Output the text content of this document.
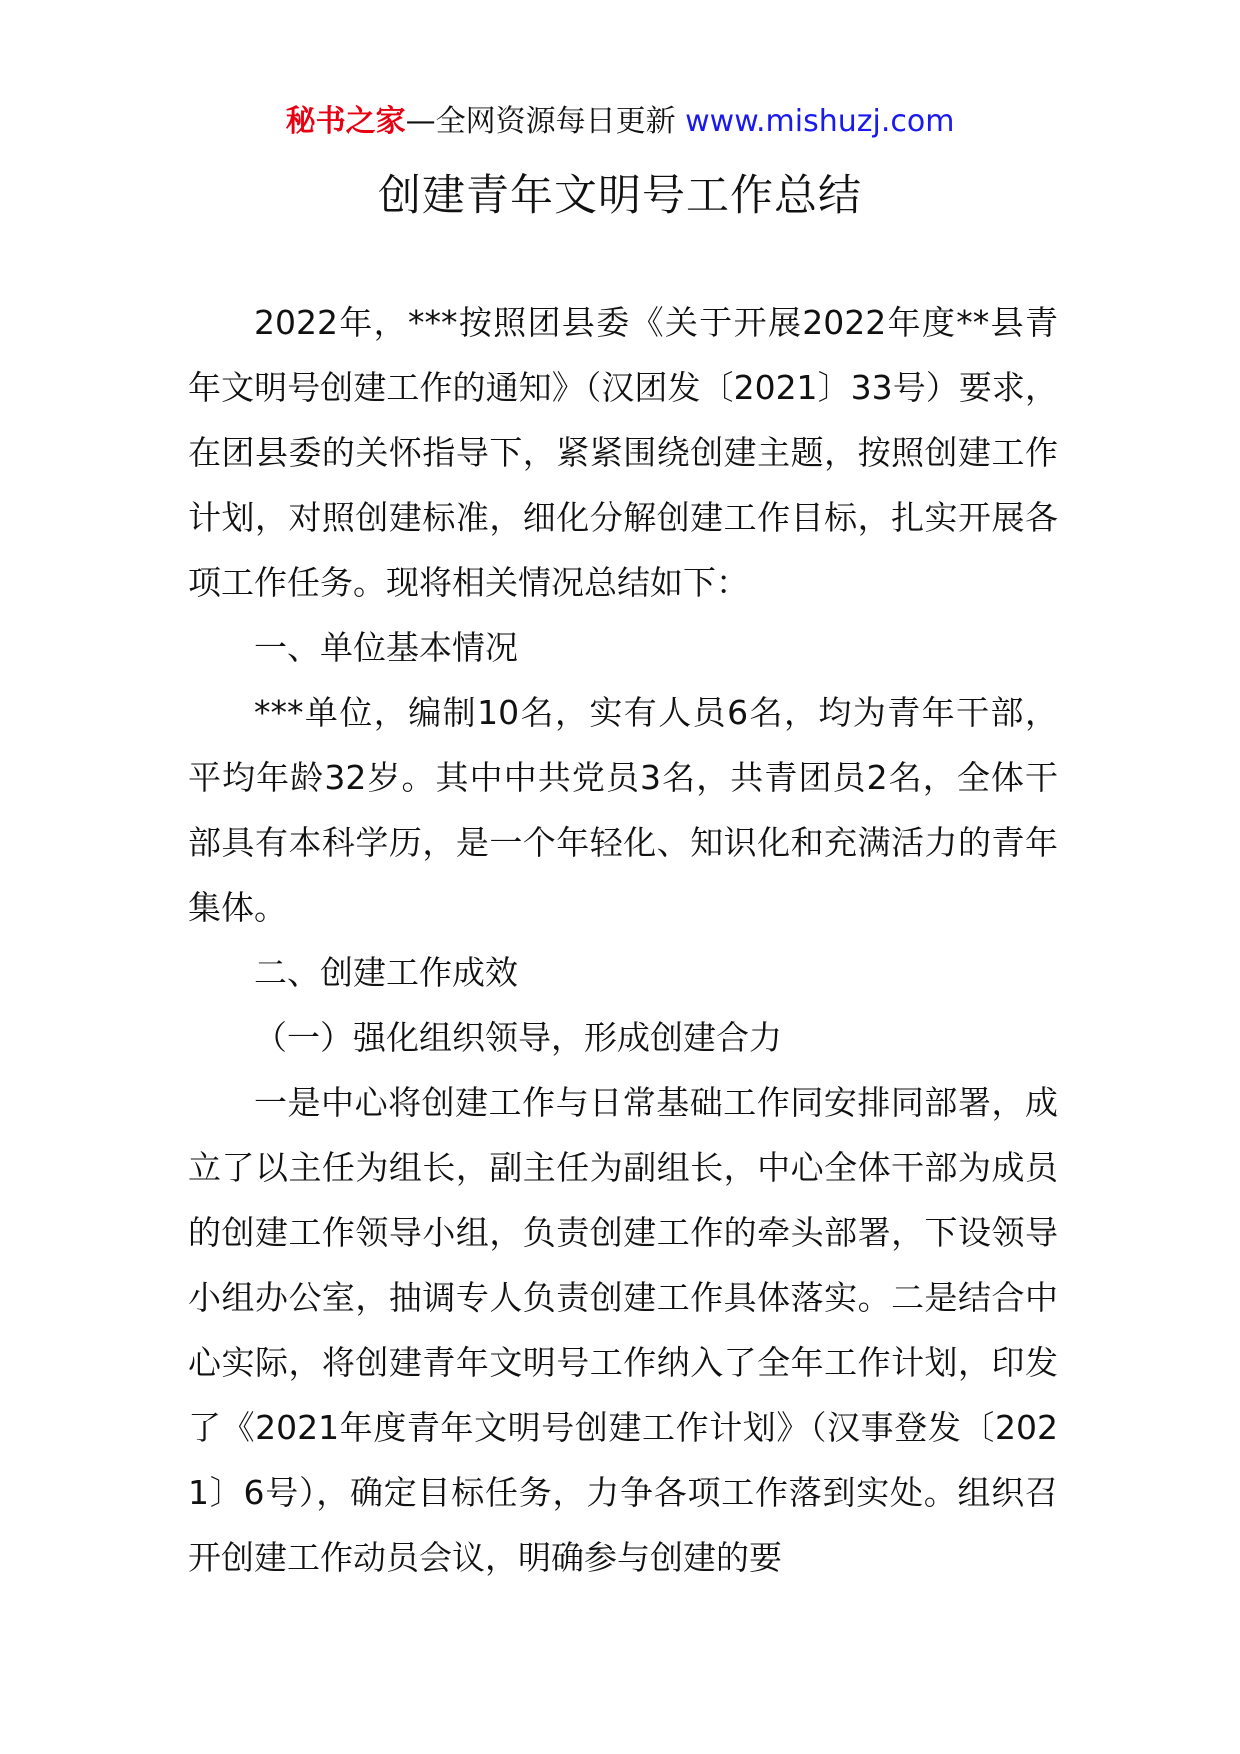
秘书之家—全网资源每日更新 www.mishuzj.com
创建青年文明号工作总结

2022年，***按照团县委《关于开展2022年度**县青年文明号创建工作的通知》（汉团发〔2021〕33号）要求，在团县委的关怀指导下，紧紧围绕创建主题，按照创建工作计划，对照创建标准，细化分解创建工作目标，扎实开展各项工作任务。现将相关情况总结如下：

一、单位基本情况

***单位，编制10名，实有人员6名，均为青年干部，平均年龄32岁。其中中共党员3名，共青团员2名，全体干部具有本科学历，是一个年轻化、知识化和充满活力的青年集体。

二、创建工作成效

（一）强化组织领导，形成创建合力

一是中心将创建工作与日常基础工作同安排同部署，成立了以主任为组长，副主任为副组长，中心全体干部为成员的创建工作领导小组，负责创建工作的牵头部署，下设领导小组办公室，抽调专人负责创建工作具体落实。二是结合中心实际，将创建青年文明号工作纳入了全年工作计划，印发了《2021年度青年文明号创建工作计划》（汉事登发〔2021〕6号），确定目标任务，力争各项工作落到实处。组织召开创建工作动员会议，明确参与创建的要
